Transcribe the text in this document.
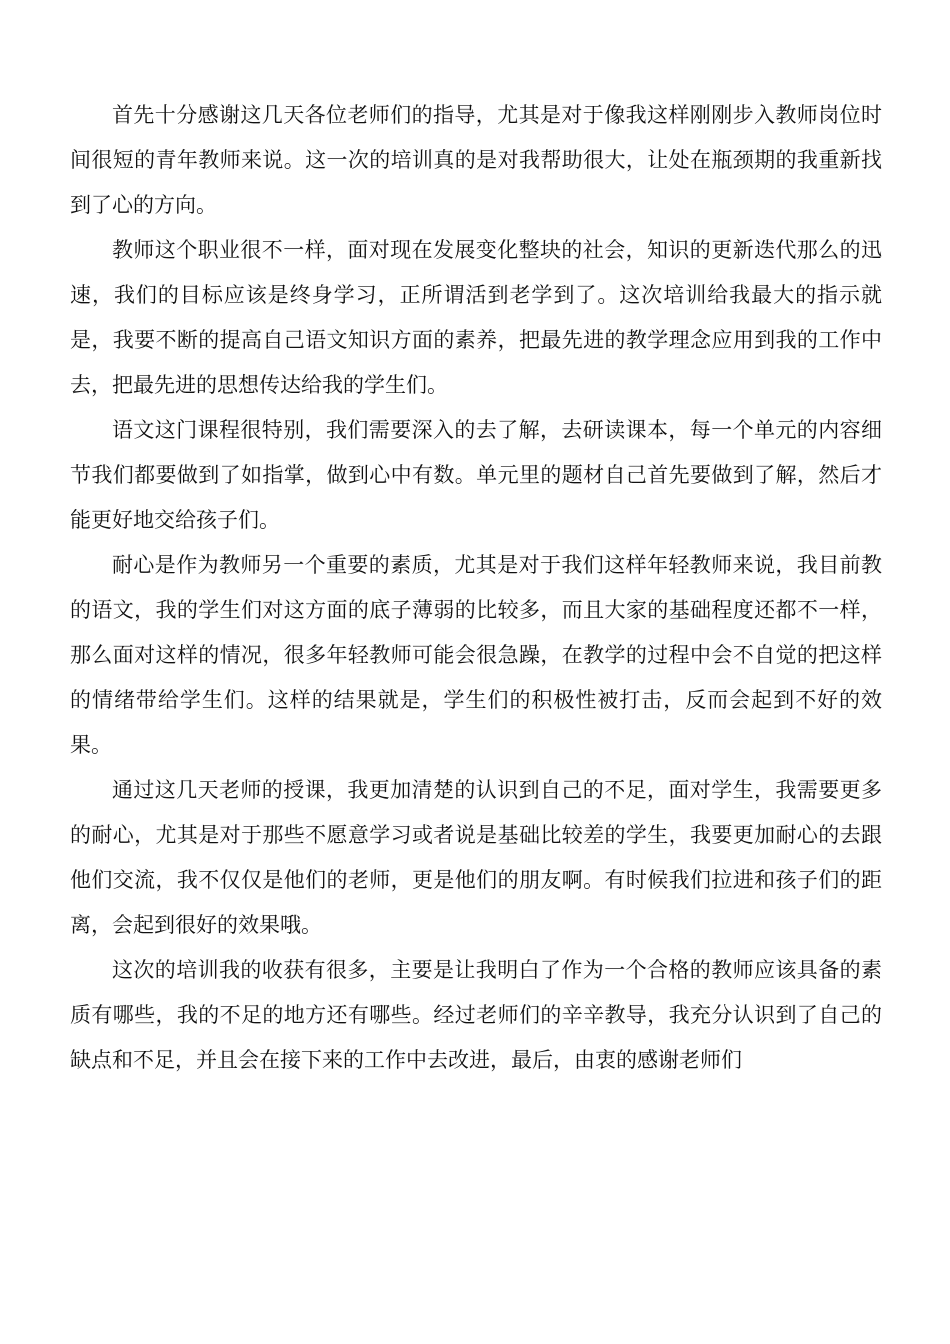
首先十分感谢这几天各位老师们的指导，尤其是对于像我这样刚刚步入教师岗位时间很短的青年教师来说。这一次的培训真的是对我帮助很大，让处在瓶颈期的我重新找到了心的方向。

教师这个职业很不一样，面对现在发展变化整块的社会，知识的更新迭代那么的迅速，我们的目标应该是终身学习，正所谓活到老学到了。这次培训给我最大的指示就是，我要不断的提高自己语文知识方面的素养，把最先进的教学理念应用到我的工作中去，把最先进的思想传达给我的学生们。

语文这门课程很特别，我们需要深入的去了解，去研读课本，每一个单元的内容细节我们都要做到了如指掌，做到心中有数。单元里的题材自己首先要做到了解，然后才能更好地交给孩子们。

耐心是作为教师另一个重要的素质，尤其是对于我们这样年轻教师来说，我目前教的语文，我的学生们对这方面的底子薄弱的比较多，而且大家的基础程度还都不一样，那么面对这样的情况，很多年轻教师可能会很急躁，在教学的过程中会不自觉的把这样的情绪带给学生们。这样的结果就是，学生们的积极性被打击，反而会起到不好的效果。

通过这几天老师的授课，我更加清楚的认识到自己的不足，面对学生，我需要更多的耐心，尤其是对于那些不愿意学习或者说是基础比较差的学生，我要更加耐心的去跟他们交流，我不仅仅是他们的老师，更是他们的朋友啊。有时候我们拉进和孩子们的距离，会起到很好的效果哦。

这次的培训我的收获有很多，主要是让我明白了作为一个合格的教师应该具备的素质有哪些，我的不足的地方还有哪些。经过老师们的辛辛教导，我充分认识到了自己的缺点和不足，并且会在接下来的工作中去改进，最后，由衷的感谢老师们
